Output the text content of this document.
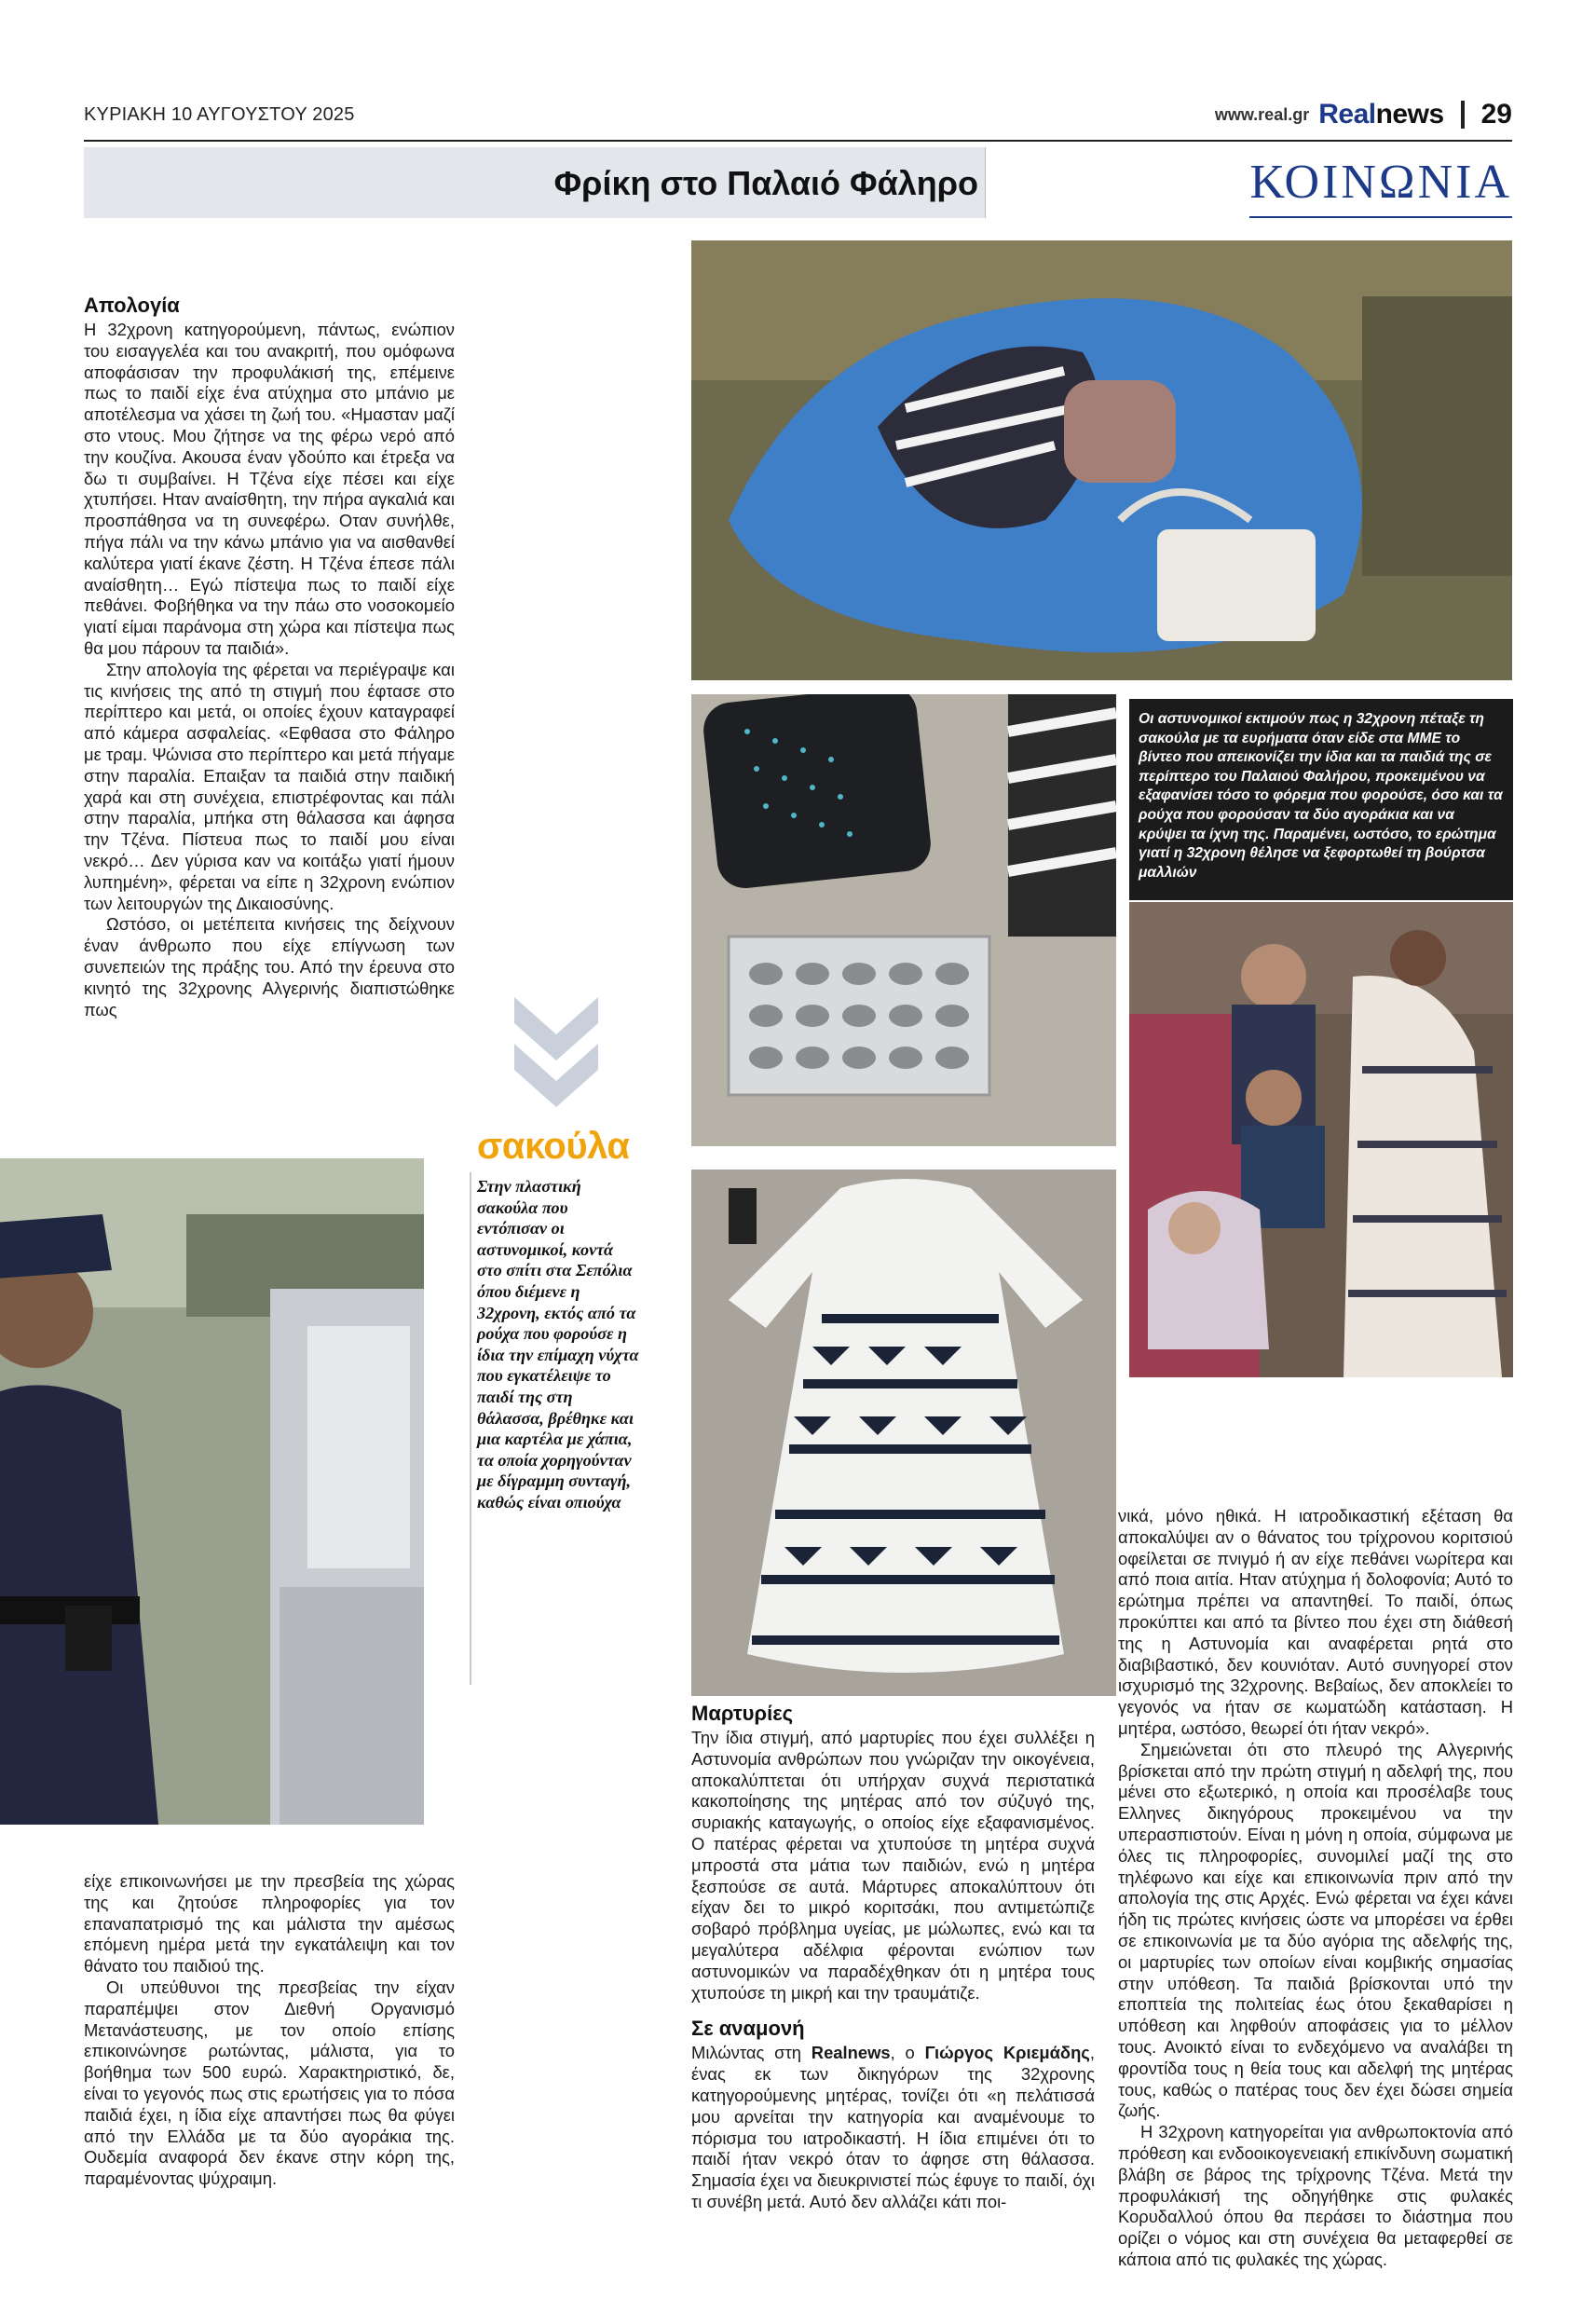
ΚΥΡΙΑΚΗ 10 ΑΥΓΟΥΣΤΟΥ 2025	www.real.gr Realnews 29
Φρίκη στο Παλαιό Φάληρο	ΚΟΙΝΩΝΙΑ
Απολογία

Η 32χρονη κατηγορούμενη, πάντως, ενώπιον του εισαγγελέα και του ανακριτή, που ομόφωνα αποφάσισαν την προφυλάκισή της, επέμεινε πως το παιδί είχε ένα ατύχημα στο μπάνιο με αποτέλεσμα να χάσει τη ζωή του. «Ημασταν μαζί στο ντους. Μου ζήτησε να της φέρω νερό από την κουζίνα. Ακουσα έναν γδούπο και έτρεξα να δω τι συμβαίνει. Η Τζένα είχε πέσει και είχε χτυπήσει. Ηταν αναίσθητη, την πήρα αγκαλιά και προσπάθησα να τη συνεφέρω. Οταν συνήλθε, πήγα πάλι να την κάνω μπάνιο για να αισθανθεί καλύτερα γιατί έκανε ζέστη. Η Τζένα έπεσε πάλι αναίσθητη… Εγώ πίστεψα πως το παιδί είχε πεθάνει. Φοβήθηκα να την πάω στο νοσοκομείο γιατί είμαι παράνομα στη χώρα και πίστεψα πως θα μου πάρουν τα παιδιά».

Στην απολογία της φέρεται να περιέγραψε και τις κινήσεις της από τη στιγμή που έφτασε στο περίπτερο και μετά, οι οποίες έχουν καταγραφεί από κάμερα ασφαλείας. «Εφθασα στο Φάληρο με τραμ. Ψώνισα στο περίπτερο και μετά πήγαμε στην παραλία. Επαιξαν τα παιδιά στην παιδική χαρά και στη συνέχεια, επιστρέφοντας και πάλι στην παραλία, μπήκα στη θάλασσα και άφησα την Τζένα. Πίστευα πως το παιδί μου είναι νεκρό… Δεν γύρισα καν να κοιτάξω γιατί ήμουν λυπημένη», φέρεται να είπε η 32χρονη ενώπιον των λειτουργών της Δικαιοσύνης.

Ωστόσο, οι μετέπειτα κινήσεις της δείχνουν έναν άνθρωπο που είχε επίγνωση των συνεπειών της πράξης του. Από την έρευνα στο κινητό της 32χρονης Αλγερινής διαπιστώθηκε πως

είχε επικοινωνήσει με την πρεσβεία της χώρας της και ζητούσε πληροφορίες για τον επαναπατρισμό της και μάλιστα την αμέσως επόμενη ημέρα μετά την εγκατάλειψη και τον θάνατο του παιδιού της.

Οι υπεύθυνοι της πρεσβείας την είχαν παραπέμψει στον Διεθνή Οργανισμό Μετανάστευσης, με τον οποίο επίσης επικοινώνησε ρωτώντας, μάλιστα, για το βοήθημα των 500 ευρώ. Χαρακτηριστικό, δε, είναι το γεγονός πως στις ερωτήσεις για το πόσα παιδιά έχει, η ίδια είχε απαντήσει πως θα φύγει από την Ελλάδα με τα δύο αγοράκια της. Ουδεμία αναφορά δεν έκανε στην κόρη της, παραμένοντας ψύχραιμη.

σακούλα
Στην πλαστική σακούλα που εντόπισαν οι αστυνομικοί, κοντά στο σπίτι στα Σεπόλια όπου διέμενε η 32χρονη, εκτός από τα ρούχα που φορούσε η ίδια την επίμαχη νύχτα που εγκατέλειψε το παιδί της στη θάλασσα, βρέθηκε και μια καρτέλα με χάπια, τα οποία χορηγούνταν με δίγραμμη συνταγή, καθώς είναι οπιούχα
Οι αστυνομικοί εκτιμούν πως η 32χρονη πέταξε τη σακούλα με τα ευρήματα όταν είδε στα ΜΜΕ το βίντεο που απεικονίζει την ίδια και τα παιδιά της σε περίπτερο του Παλαιού Φαλήρου, προκειμένου να εξαφανίσει τόσο το φόρεμα που φορούσε, όσο και τα ρούχα που φορούσαν τα δύο αγοράκια και να κρύψει τα ίχνη της. Παραμένει, ωστόσο, το ερώτημα γιατί η 32χρονη θέλησε να ξεφορτωθεί τη βούρτσα μαλλιών
Μαρτυρίες

Την ίδια στιγμή, από μαρτυρίες που έχει συλλέξει η Αστυνομία ανθρώπων που γνώριζαν την οικογένεια, αποκαλύπτεται ότι υπήρχαν συχνά περιστατικά κακοποίησης της μητέρας από τον σύζυγό της, συριακής καταγωγής, ο οποίος είχε εξαφανισμένος. Ο πατέρας φέρεται να χτυπούσε τη μητέρα συχνά μπροστά στα μάτια των παιδιών, ενώ η μητέρα ξεσπούσε σε αυτά. Μάρτυρες αποκαλύπτουν ότι είχαν δει το μικρό κοριτσάκι, που αντιμετώπιζε σοβαρό πρόβλημα υγείας, με μώλωπες, ενώ και τα μεγαλύτερα αδέλφια φέρονται ενώπιον των αστυνομικών να παραδέχθηκαν ότι η μητέρα τους χτυπούσε τη μικρή και την τραυμάτιζε.

Σε αναμονή

Μιλώντας στη Realnews, ο Γιώργος Κριεμάδης, ένας εκ των δικηγόρων της 32χρονης κατηγορούμενης μητέρας, τονίζει ότι «η πελάτισσά μου αρνείται την κατηγορία και αναμένουμε το πόρισμα του ιατροδικαστή. Η ίδια επιμένει ότι το παιδί ήταν νεκρό όταν το άφησε στη θάλασσα. Σημασία έχει να διευκρινιστεί πώς έφυγε το παιδί, όχι τι συνέβη μετά. Αυτό δεν αλλάζει κάτι ποι-

νικά, μόνο ηθικά. Η ιατροδικαστική εξέταση θα αποκαλύψει αν ο θάνατος του τρίχρονου κοριτσιού οφείλεται σε πνιγμό ή αν είχε πεθάνει νωρίτερα και από ποια αιτία. Ηταν ατύχημα ή δολοφονία; Αυτό το ερώτημα πρέπει να απαντηθεί. Το παιδί, όπως προκύπτει και από τα βίντεο που έχει στη διάθεσή της η Αστυνομία και αναφέρεται ρητά στο διαβιβαστικό, δεν κουνιόταν. Αυτό συνηγορεί στον ισχυρισμό της 32χρονης. Βεβαίως, δεν αποκλείει το γεγονός να ήταν σε κωματώδη κατάσταση. Η μητέρα, ωστόσο, θεωρεί ότι ήταν νεκρό».

Σημειώνεται ότι στο πλευρό της Αλγερινής βρίσκεται από την πρώτη στιγμή η αδελφή της, που μένει στο εξωτερικό, η οποία και προσέλαβε τους Ελληνες δικηγόρους προκειμένου να την υπερασπιστούν. Είναι η μόνη η οποία, σύμφωνα με όλες τις πληροφορίες, συνομιλεί μαζί της στο τηλέφωνο και είχε και επικοινωνία πριν από την απολογία της στις Αρχές. Ενώ φέρεται να έχει κάνει ήδη τις πρώτες κινήσεις ώστε να μπορέσει να έρθει σε επικοινωνία με τα δύο αγόρια της αδελφής της, οι μαρτυρίες των οποίων είναι κομβικής σημασίας στην υπόθεση. Τα παιδιά βρίσκονται υπό την εποπτεία της πολιτείας έως ότου ξεκαθαρίσει η υπόθεση και ληφθούν αποφάσεις για το μέλλον τους. Ανοικτό είναι το ενδεχόμενο να αναλάβει τη φροντίδα τους η θεία τους και αδελφή της μητέρας τους, καθώς ο πατέρας τους δεν έχει δώσει σημεία ζωής.

Η 32χρονη κατηγορείται για ανθρωποκτονία από πρόθεση και ενδοοικογενειακή επικίνδυνη σωματική βλάβη σε βάρος της τρίχρονης Τζένα. Μετά την προφυλάκισή της οδηγήθηκε στις φυλακές Κορυδαλλού όπου θα περάσει το διάστημα που ορίζει ο νόμος και στη συνέχεια θα μεταφερθεί σε κάποια από τις φυλακές της χώρας.
